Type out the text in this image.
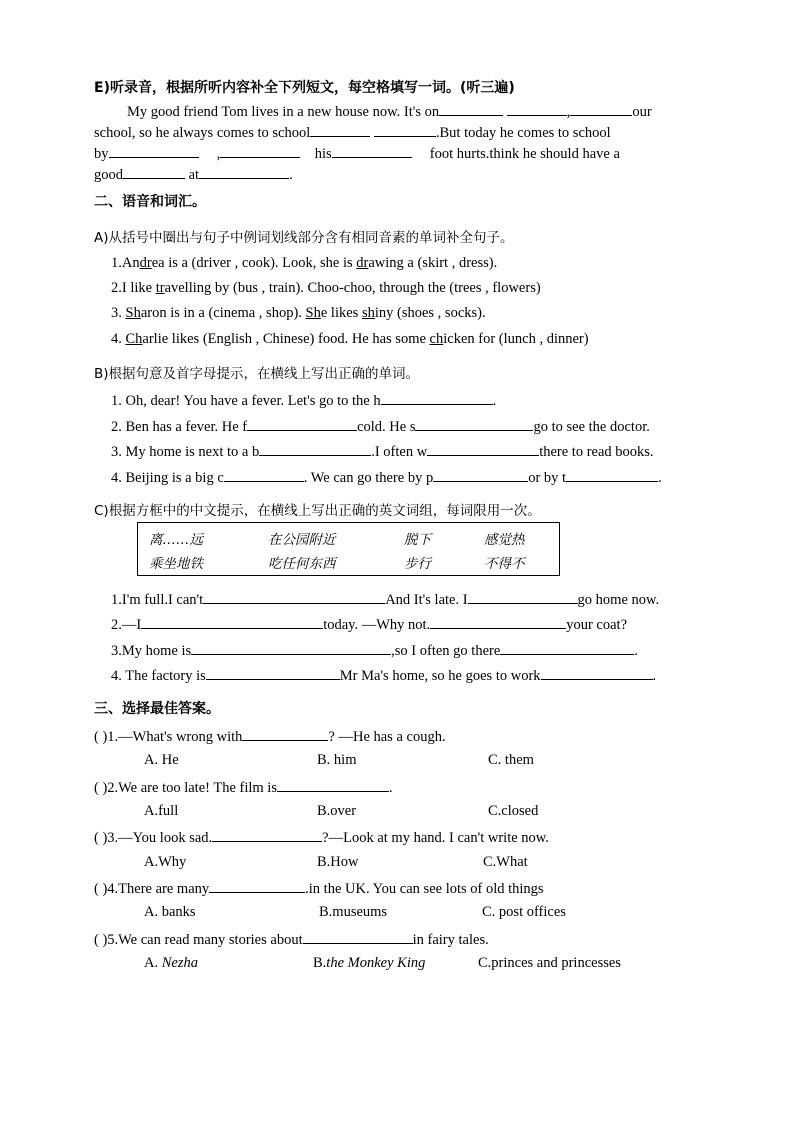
E)听录音，根据所听内容补全下列短文，每空格填写一词。(听三遍)
My good friend Tom lives in a new house now. It's on	,	our
school, so he always comes to school	.But today he comes to school
by	,	his	foot hurts.think he should have a
good	at	.
二、语音和词汇。
A)从括号中圈出与句子中例词划线部分含有相同音素的单词补全句子。
1.Andrea is a (driver , cook). Look, she is drawing a (skirt , dress).
2.I like travelling by (bus , train). Choo-choo, through the (trees , flowers)
3. Sharon is in a (cinema , shop). She likes shiny (shoes , socks).
4. Charlie likes (English , Chinese) food. He has some chicken for (lunch , dinner)
B)根据句意及首字母提示，在横线上写出正确的单词。
1. Oh, dear! You have a fever. Let's go to the h	.
2. Ben has a fever. He f	cold. He s	go to see the doctor.
3. My home is next to a b	.I often w	there to read books.
4. Beijing is a big c	. We can go there by p	or by t	.
C)根据方框中的中文提示，在横线上写出正确的英文词组，每词限用一次。
离……远	在公园附近	脱下	感觉热
乘坐地铁	吃任何东西	步行	不得不
1.I'm full.I can't	And It's late. I	go home now.
2.—I	today. —Why not.	your coat?
3.My home is	,so I often go there	.
4. The factory is	Mr Ma's home, so he goes to work	.
三、选择最佳答案。
( )1.—What's wrong with	? —He has a cough.
A. He	B. him	C. them
( )2.We are too late! The film is	.
A.full	B.over	C.closed
( )3.—You look sad.	?—Look at my hand. I can't write now.
A.Why	B.How	C.What
( )4.There are many	.in the UK. You can see lots of old things
A. banks	B.museums	C. post offices
( )5.We can read many stories about	in fairy tales.
A. Nezha	B.the Monkey King	C.princes and princesses
